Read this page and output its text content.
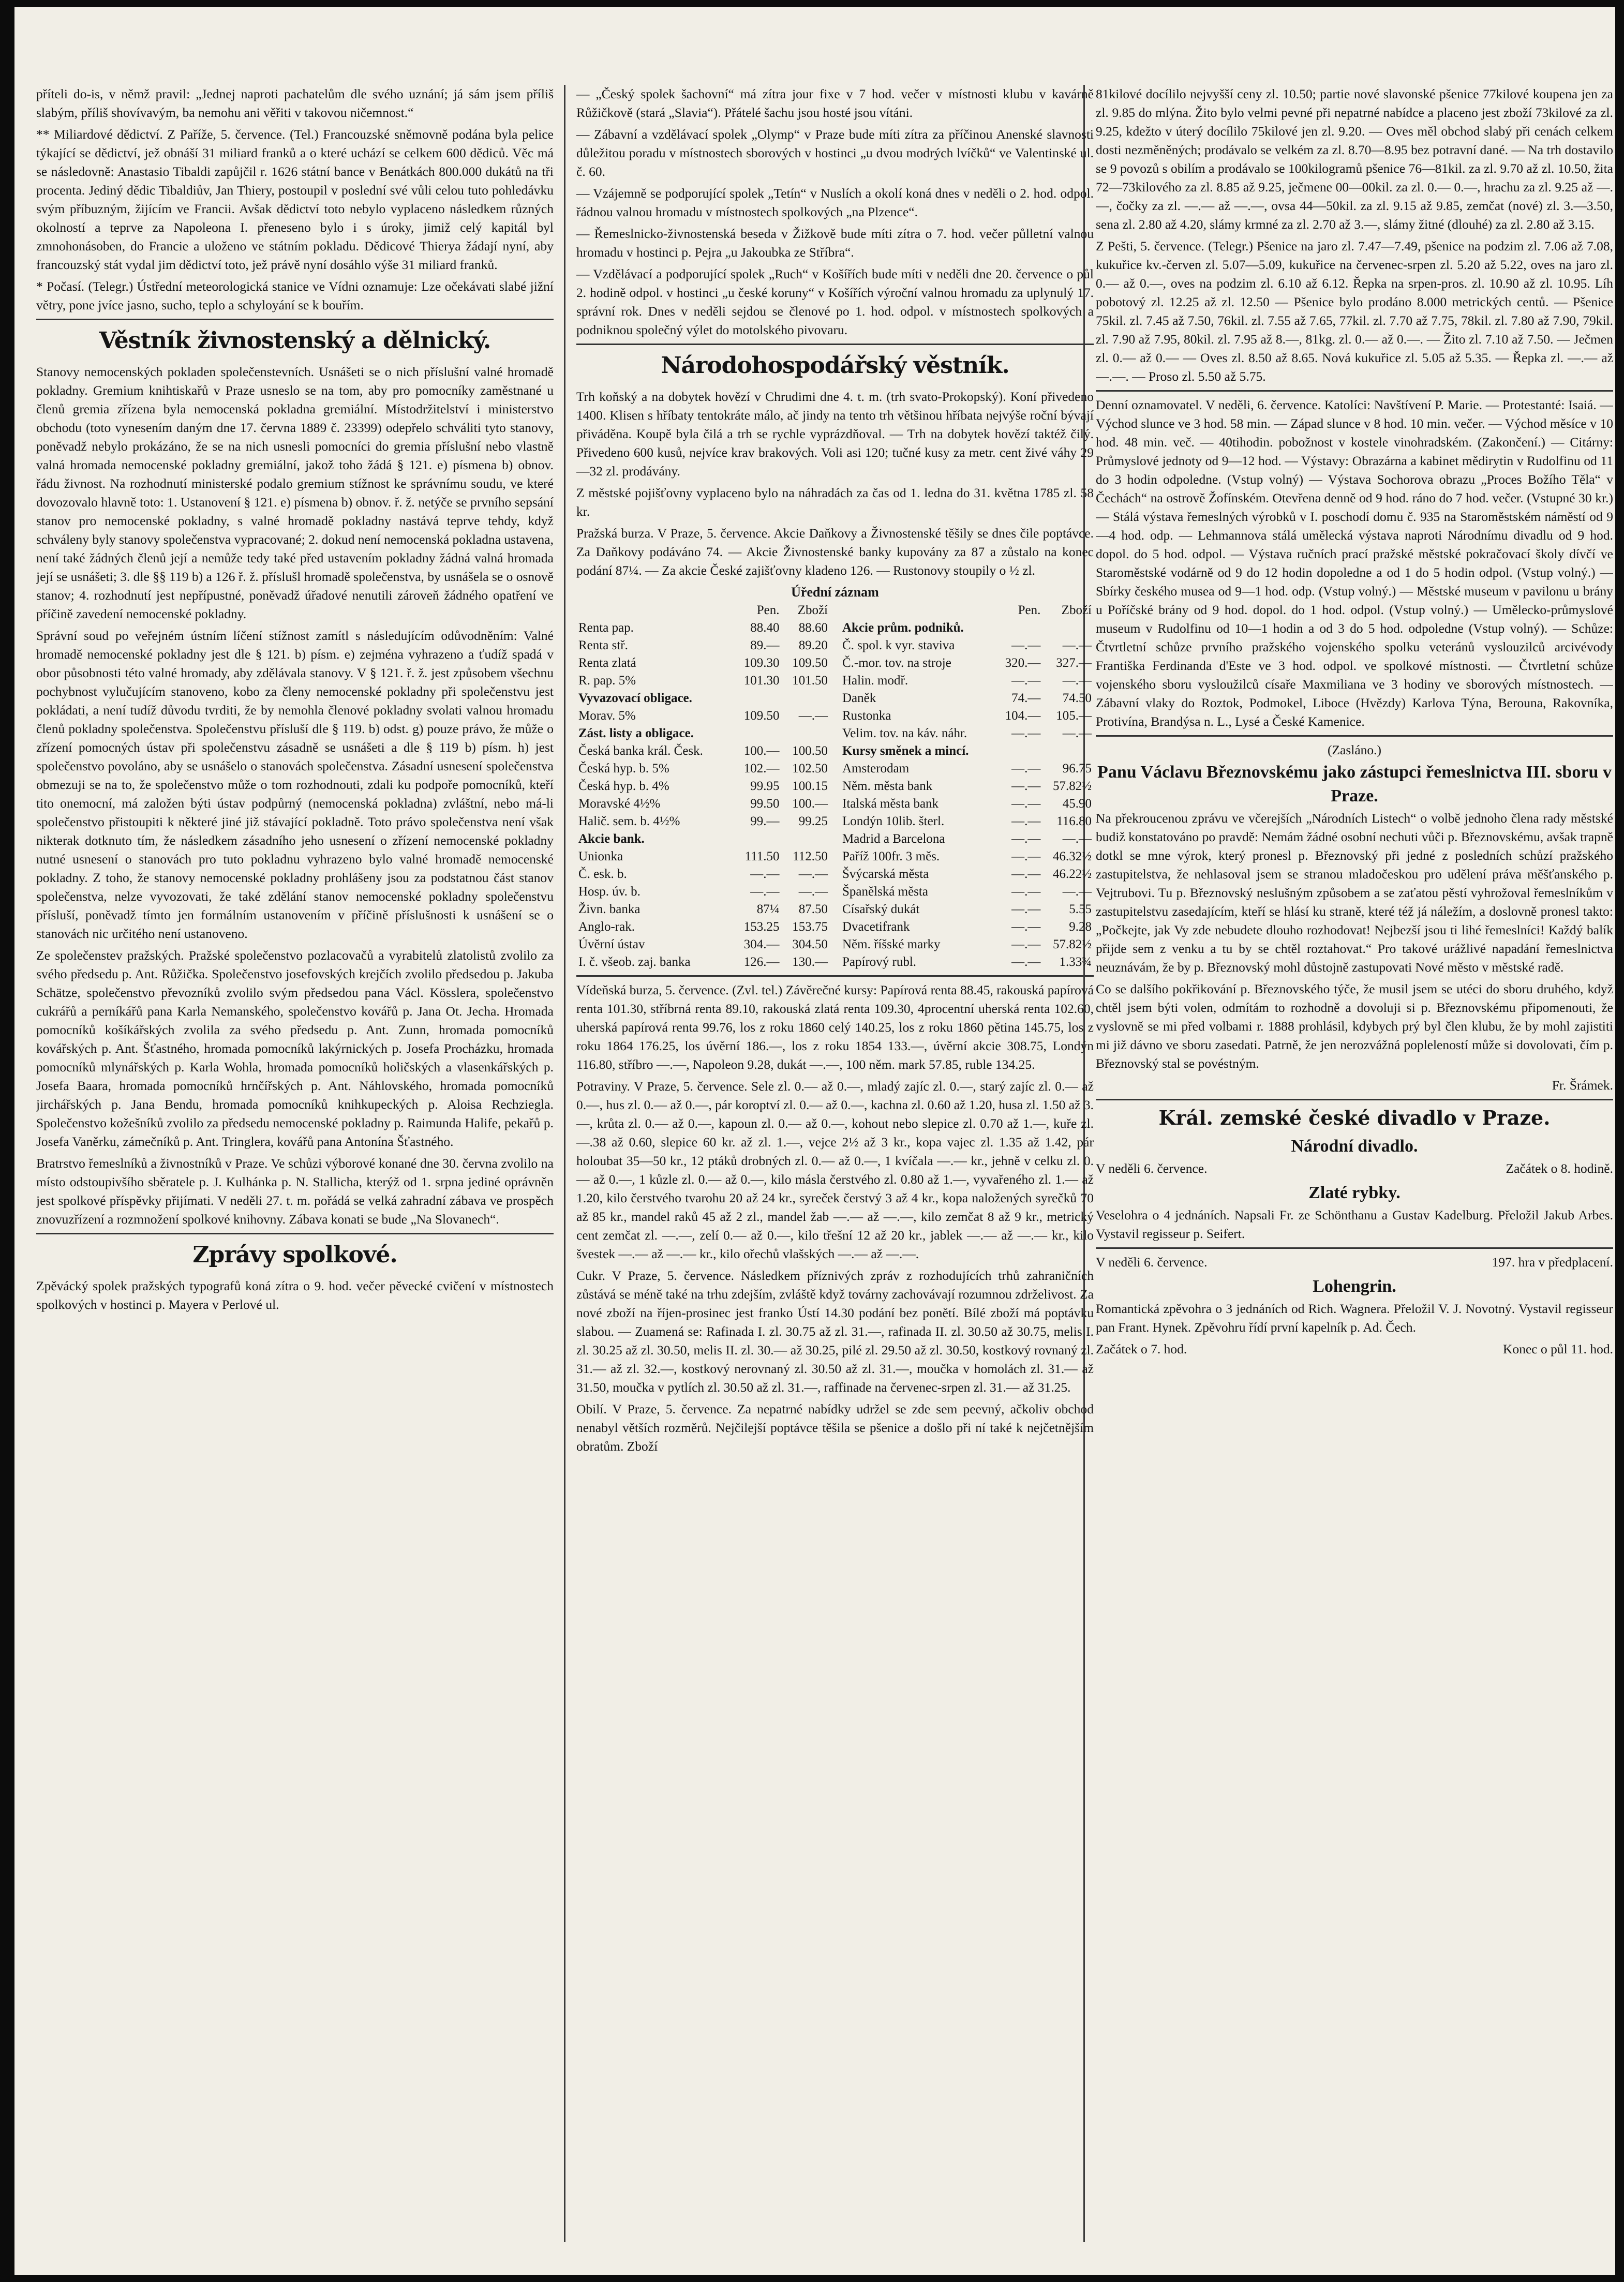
příteli do-is, v němž pravil: „Jednej naproti pachatelům dle svého uznání; já sám jsem příliš slabým, příliš shovívavým, ba nemohu ani věřiti v takovou ničemnost.“

** Miliardové dědictví. Z Paříže, 5. července. (Tel.) Francouzské sněmovně podána byla pelice týkající se dědictví, jež obnáší 31 miliard franků a o které uchází se celkem 600 dědiců. Věc má se následovně: Anastasio Tibaldi zapůjčil r. 1626 státní bance v Benátkách 800.000 dukátů na tři procenta. Jediný dědic Tibaldiův, Jan Thiery, postoupil v poslední své vůli celou tuto pohledávku svým příbuzným, žijícím ve Francii. Avšak dědictví toto nebylo vyplaceno následkem různých okolností a teprve za Napoleona I. přeneseno bylo i s úroky, jimiž celý kapitál byl zmnohonásoben, do Francie a uloženo ve státním pokladu. Dědicové Thierya žádají nyní, aby francouzský stát vydal jim dědictví toto, jež právě nyní dosáhlo výše 31 miliard franků.

* Počasí. (Telegr.) Ústřední meteorologická stanice ve Vídni oznamuje: Lze očekávati slabé jižní větry, pone jvíce jasno, sucho, teplo a schyloyání se k bouřím.

Věstník živnostenský a dělnický.

Stanovy nemocenských pokladen společenstevních. Usnášeti se o nich příslušní valné hromadě pokladny. Gremium knihtiskařů v Praze usneslo se na tom, aby pro pomocníky zaměstnané u členů gremia zřízena byla nemocenská pokladna gremiální. Místodržitelství i ministerstvo obchodu (toto vynesením daným dne 17. června 1889 č. 23399) odepřelo schváliti tyto stanovy, poněvadž nebylo prokázáno, že se na nich usnesli pomocníci do gremia příslušní nebo vlastně valná hromada nemocenské pokladny gremiální, jakož toho žádá § 121. e) písmena b) obnov. řádu živnost. Na rozhodnutí ministerské podalo gremium stížnost ke správnímu soudu, ve které dovozovalo hlavně toto: 1. Ustanovení § 121. e) písmena b) obnov. ř. ž. netýče se prvního sepsání stanov pro nemocenské pokladny, s valné hromadě pokladny nastává teprve tehdy, když schváleny byly stanovy společenstva vypracované; 2. dokud není nemocenská pokladna ustavena, není také žádných členů její a nemůže tedy také před ustavením pokladny žádná valná hromada její se usnášeti; 3. dle §§ 119 b) a 126 ř. ž. příslušl hromadě společenstva, by usnášela se o osnově stanov; 4. rozhodnutí jest nepřípustné, poněvadž úřadové nenutili zároveň žádného opatření ve příčině zavedení nemocenské pokladny.

Správní soud po veřejném ústním líčení stížnost zamítl s následujícím odůvodněním: Valné hromadě nemocenské pokladny jest dle § 121. b) písm. e) zejména vyhrazeno a ťudíž spadá v obor působnosti této valné hromady, aby zdělávala stanovy. V § 121. ř. ž. jest způsobem všechnu pochybnost vylučujícím stanoveno, kobo za členy nemocenské pokladny při společenstvu jest pokládati, a není tudíž důvodu tvrditi, že by nemohla členové pokladny svolati valnou hromadu členů pokladny společenstva. Společenstvu přísluší dle § 119. b) odst. g) pouze právo, že může o zřízení pomocných ústav při společenstvu zásadně se usnášeti a dle § 119 b) písm. h) jest společenstvo povoláno, aby se usnášelo o stanovách společenstva. Zásadní usnesení společenstva obmezuji se na to, že společenstvo může o tom rozhodnouti, zdali ku podpoře pomocníků, kteří tito onemocní, má založen býti ústav podpůrný (nemocenská pokladna) zvláštní, nebo má-li společenstvo přistoupiti k některé jiné již stávající pokladně. Toto právo společenstva není však nikterak dotknuto tím, že následkem zásadního jeho usnesení o zřízení nemocenské pokladny nutné usnesení o stanovách pro tuto pokladnu vyhrazeno bylo valné hromadě nemocenské pokladny. Z toho, že stanovy nemocenské pokladny prohlášeny jsou za podstatnou část stanov společenstva, nelze vyvozovati, že také zdělání stanov nemocenské pokladny společenstvu přísluší, poněvadž tímto jen formálním ustanovením v příčině příslušnosti k usnášení se o stanovách nic určitého není ustanoveno.

Ze společenstev pražských. Pražské společenstvo pozlacovačů a vyrabitelů zlatolistů zvolilo za svého předsedu p. Ant. Růžička. Společenstvo josefovských krejčích zvolilo předsedou p. Jakuba Schätze, společenstvo převozníků zvolilo svým předsedou pana Václ. Kösslera, společenstvo cukrářů a perníkářů pana Karla Nemanského, společenstvo kovářů p. Jana Ot. Jecha. Hromada pomocníků košíkářských zvolila za svého předsedu p. Ant. Zunn, hromada pomocníků kovářských p. Ant. Šťastného, hromada pomocníků lakýrnických p. Josefa Procházku, hromada pomocníků mlynářských p. Karla Wohla, hromada pomocníků holičských a vlasenkářských p. Josefa Baara, hromada pomocníků hrnčířských p. Ant. Náhlovského, hromada pomocníků jirchářských p. Jana Bendu, hromada pomocníků knihkupeckých p. Aloisa Rechziegla. Společenstvo kožešníků zvolilo za předsedu nemocenské pokladny p. Raimunda Halife, pekařů p. Josefa Vaněrku, zámečníků p. Ant. Tringlera, kovářů pana Antonína Šťastného.

Bratrstvo řemeslníků a živnostníků v Praze. Ve schůzi výborové konané dne 30. června zvolilo na místo odstoupivšího sběratele p. J. Kulhánka p. N. Stallicha, kterýž od 1. srpna jediné oprávněn jest spolkové příspěvky přijímati. V neděli 27. t. m. pořádá se velká zahradní zábava ve prospěch znovuzřízení a rozmnožení spolkové knihovny. Zábava konati se bude „Na Slovanech“.

Zprávy spolkové.

Zpěvácký spolek pražských typografů koná zítra o 9. hod. večer pěvecké cvičení v místnostech spolkových v hostinci p. Mayera v Perlové ul.

— „Český spolek šachovní“ má zítra jour fixe v 7 hod. večer v místnosti klubu v kavárně Růžičkově (stará „Slavia“). Přátelé šachu jsou hosté jsou vítáni.

— Zábavní a vzdělávací spolek „Olymp“ v Praze bude míti zítra za příčinou Anenské slavnosti důležitou poradu v místnostech sborových v hostinci „u dvou modrých lvíčků“ ve Valentinské ul. č. 60.

— Vzájemně se podporující spolek „Tetín“ v Nuslích a okolí koná dnes v neděli o 2. hod. odpol. řádnou valnou hromadu v místnostech spolkových „na Plzence“.

— Řemeslnicko-živnostenská beseda v Žižkově bude míti zítra o 7. hod. večer půlletní valnou hromadu v hostinci p. Pejra „u Jakoubka ze Stříbra“.

— Vzdělávací a podporující spolek „Ruch“ v Košířích bude míti v neděli dne 20. července o půl 2. hodině odpol. v hostinci „u české koruny“ v Košířích výroční valnou hromadu za uplynulý 17. správní rok. Dnes v neděli sejdou se členové po 1. hod. odpol. v místnostech spolkových a podniknou společný výlet do motolského pivovaru.

Národohospodářský věstník.

Trh koňský a na dobytek hovězí v Chrudimi dne 4. t. m. (trh svato-Prokopský). Koní přivedeno 1400. Klisen s hříbaty tentokráte málo, ač jindy na tento trh většinou hříbata nejvýše roční bývají přiváděna. Koupě byla čilá a trh se rychle vyprázdňoval. — Trh na dobytek hovězí taktéž čilý. Přivedeno 600 kusů, nejvíce krav brakových. Voli asi 120; tučné kusy za metr. cent živé váhy 29—32 zl. prodávány.

Z městské pojišťovny vyplaceno bylo na náhradách za čas od 1. ledna do 31. května 1785 zl. 58 kr.

Pražská burza. V Praze, 5. července. Akcie Daňkovy a Živnostenské těšily se dnes čile poptávce. Za Daňkovy podáváno 74. — Akcie Živnostenské banky kupovány za 87 a zůstalo na konec podání 87¼. — Za akcie České zajišťovny kladeno 126. — Rustonovy stoupily o ½ zl.

Úřední záznam

	Pen.	Zboží
Renta pap.	88.40	88.60
Renta stř.	89.—	89.20
Renta zlatá	109.30	109.50
R. pap. 5%	101.30	101.50
Vyvazovací obligace.		
Morav. 5%	109.50	—.—
Zást. listy a obligace.		
Česká banka král. Česk.	100.—	100.50
Česká hyp. b. 5%	102.—	102.50
Česká hyp. b. 4%	99.95	100.15
Moravské 4½%	99.50	100.—
Halič. sem. b. 4½%	99.—	99.25
Akcie bank.		
Unionka	111.50	112.50
Č. esk. b.	—.—	—.—
Hosp. úv. b.	—.—	—.—
Živn. banka	87¼	87.50
Anglo-rak.	153.25	153.75
Úvěrní ústav	304.—	304.50
I. č. všeob. zaj. banka	126.—	130.—
	Pen.	Zboží
Akcie prům. podniků.		
Č. spol. k vyr. staviva	—.—	—.—
Č.-mor. tov. na stroje	320.—	327.—
Halin. modř.	—.—	—.—
Daněk	74.—	74.50
Rustonka	104.—	105.—
Velim. tov. na káv. náhr.	—.—	—.—
Kursy směnek a mincí.		
Amsterodam	—.—	96.75
Něm. města bank	—.—	57.82½
Italská města bank	—.—	45.90
Londýn 10lib. šterl.	—.—	116.80
Madrid a Barcelona	—.—	—.—
Paříž 100fr. 3 měs.	—.—	46.32½
Švýcarská města	—.—	46.22½
Španělská města	—.—	—.—
Císařský dukát	—.—	5.55
Dvacetifrank	—.—	9.28
Něm. říšské marky	—.—	57.82½
Papírový rubl.	—.—	1.33¾

Vídeňská burza, 5. července. (Zvl. tel.) Závěrečné kursy: Papírová renta 88.45, rakouská papírová renta 101.30, stříbrná renta 89.10, rakouská zlatá renta 109.30, 4procentní uherská renta 102.60, uherská papírová renta 99.76, los z roku 1860 celý 140.25, los z roku 1860 pětina 145.75, los z roku 1864 176.25, los úvěrní 186.—, los z roku 1854 133.—, úvěrní akcie 308.75, Londýn 116.80, stříbro —.—, Napoleon 9.28, dukát —.—, 100 něm. mark 57.85, ruble 134.25.

Potraviny. V Praze, 5. července. Sele zl. 0.— až 0.—, mladý zajíc zl. 0.—, starý zajíc zl. 0.— až 0.—, hus zl. 0.— až 0.—, pár koroptví zl. 0.— až 0.—, kachna zl. 0.60 až 1.20, husa zl. 1.50 až 3.—, krůta zl. 0.— až 0.—, kapoun zl. 0.— až 0.—, kohout nebo slepice zl. 0.70 až 1.—, kuře zl. —.38 až 0.60, slepice 60 kr. až zl. 1.—, vejce 2½ až 3 kr., kopa vajec zl. 1.35 až 1.42, pár holoubat 35—50 kr., 12 ptáků drobných zl. 0.— až 0.—, 1 kvíčala —.— kr., jehně v celku zl. 0.— až 0.—, 1 kůzle zl. 0.— až 0.—, kilo másla čerstvého zl. 0.80 až 1.—, vyvařeného zl. 1.— až 1.20, kilo čerstvého tvarohu 20 až 24 kr., syreček čerstvý 3 až 4 kr., kopa naložených syrečků 70 až 85 kr., mandel raků 45 až 2 zl., mandel žab —.— až —.—, kilo zemčat 8 až 9 kr., metrický cent zemčat zl. —.—, zelí 0.— až 0.—, kilo třešní 12 až 20 kr., jablek —.— až —.— kr., kilo švestek —.— až —.— kr., kilo ořechů vlašských —.— až —.—.

Cukr. V Praze, 5. července. Následkem příznivých zpráv z rozhodujících trhů zahraničních zůstává se méně také na trhu zdejším, zvláště když továrny zachovávají rozumnou zdrželivost. Za nové zboží na říjen-prosinec jest franko Ústí 14.30 podání bez ponětí. Bílé zboží má poptávku slabou. — Zuamená se: Rafinada I. zl. 30.75 až zl. 31.—, rafinada II. zl. 30.50 až 30.75, melis I. zl. 30.25 až zl. 30.50, melis II. zl. 30.— až 30.25, pilé zl. 29.50 až zl. 30.50, kostkový rovnaný zl. 31.— až zl. 32.—, kostkový nerovnaný zl. 30.50 až zl. 31.—, moučka v homolách zl. 31.— až 31.50, moučka v pytlích zl. 30.50 až zl. 31.—, raffinade na červenec-srpen zl. 31.— až 31.25.

Obilí. V Praze, 5. července. Za nepatrné nabídky udržel se zde sem peevný, ačkoliv obchod nenabyl větších rozměrů. Nejčilejší poptávce těšila se pšenice a došlo při ní také k nejčetnějším obratům. Zboží

81kilové docílilo nejvyšší ceny zl. 10.50; partie nové slavonské pšenice 77kilové koupena jen za zl. 9.85 do mlýna. Žito bylo velmi pevné při nepatrné nabídce a placeno jest zboží 73kilové za zl. 9.25, kdežto v úterý docílilo 75kilové jen zl. 9.20. — Oves měl obchod slabý při cenách celkem dosti nezměněných; prodávalo se velkém za zl. 8.70—8.95 bez potravní dané. — Na trh dostavilo se 9 povozů s obilím a prodávalo se 100kilogramů pšenice 76—81kil. za zl. 9.70 až zl. 10.50, žita 72—73kilového za zl. 8.85 až 9.25, ječmene 00—00kil. za zl. 0.— 0.—, hrachu za zl. 9.25 až —.—, čočky za zl. —.— až —.—, ovsa 44—50kil. za zl. 9.15 až 9.85, zemčat (nové) zl. 3.—3.50, sena zl. 2.80 až 4.20, slámy krmné za zl. 2.70 až 3.—, slámy žitné (dlouhé) za zl. 2.80 až 3.15.

Z Pešti, 5. července. (Telegr.) Pšenice na jaro zl. 7.47—7.49, pšenice na podzim zl. 7.06 až 7.08, kukuřice kv.-červen zl. 5.07—5.09, kukuřice na červenec-srpen zl. 5.20 až 5.22, oves na jaro zl. 0.— až 0.—, oves na podzim zl. 6.10 až 6.12. Řepka na srpen-pros. zl. 10.90 až zl. 10.95. Líh pobotový zl. 12.25 až zl. 12.50 — Pšenice bylo prodáno 8.000 metrických centů. — Pšenice 75kil. zl. 7.45 až 7.50, 76kil. zl. 7.55 až 7.65, 77kil. zl. 7.70 až 7.75, 78kil. zl. 7.80 až 7.90, 79kil. zl. 7.90 až 7.95, 80kil. zl. 7.95 až 8.—, 81kg. zl. 0.— až 0.—. — Žito zl. 7.10 až 7.50. — Ječmen zl. 0.— až 0.— — Oves zl. 8.50 až 8.65. Nová kukuřice zl. 5.05 až 5.35. — Řepka zl. —.— až —.—. — Proso zl. 5.50 až 5.75.

Denní oznamovatel. V neděli, 6. července. Katolíci: Navštívení P. Marie. — Protestanté: Isaiá. — Východ slunce ve 3 hod. 58 min. — Západ slunce v 8 hod. 10 min. večer. — Východ měsíce v 10 hod. 48 min. več. — 40tihodin. pobožnost v kostele vinohradském. (Zakončení.) — Citárny: Průmyslové jednoty od 9—12 hod. — Výstavy: Obrazárna a kabinet mědirytin v Rudolfinu od 11 do 3 hodin odpoledne. (Vstup volný) — Výstava Sochorova obrazu „Proces Božího Těla“ v Čechách“ na ostrově Žofínském. Otevřena denně od 9 hod. ráno do 7 hod. večer. (Vstupné 30 kr.) — Stálá výstava řemeslných výrobků v I. poschodí domu č. 935 na Staroměstském náměstí od 9—4 hod. odp. — Lehmannova stálá umělecká výstava naproti Národnímu divadlu od 9 hod. dopol. do 5 hod. odpol. — Výstava ručních prací pražské městské pokračovací školy dívčí ve Staroměstské vodárně od 9 do 12 hodin dopoledne a od 1 do 5 hodin odpol. (Vstup volný.) — Sbírky českého musea od 9—1 hod. odp. (Vstup volný.) — Městské museum v pavilonu u brány u Poříčské brány od 9 hod. dopol. do 1 hod. odpol. (Vstup volný.) — Umělecko-průmyslové museum v Rudolfinu od 10—1 hodin a od 3 do 5 hod. odpoledne (Vstup volný). — Schůze: Čtvrtletní schůze prvního pražského vojenského spolku veteránů vyslouzilců arcivévody Františka Ferdinanda d'Este ve 3 hod. odpol. ve spolkové místnosti. — Čtvrtletní schůze vojenského sboru vysloužilců císaře Maxmiliana ve 3 hodiny ve sborových místnostech. — Zábavní vlaky do Roztok, Podmokel, Liboce (Hvězdy) Karlova Týna, Berouna, Rakovníka, Protivína, Brandýsa n. L., Lysé a České Kamenice.

(Zasláno.)

Panu Václavu Březnovskému jako zástupci řemeslnictva III. sboru v Praze.

Na překroucenou zprávu ve včerejších „Národních Listech“ o volbě jednoho člena rady městské budiž konstatováno po pravdě: Nemám žádné osobní nechuti vůči p. Březnovskému, avšak trapně dotkl se mne výrok, který pronesl p. Březnovský při jedné z posledních schůzí pražského zastupitelstva, že nehlasoval jsem se stranou mladočeskou pro udělení práva měšťanského p. Vejtrubovi. Tu p. Březnovský neslušným způsobem a se zaťatou pěstí vyhrožoval řemeslníkům v zastupitelstvu zasedajícím, kteří se hlásí ku straně, které též já náležím, a doslovně pronesl takto: „Počkejte, jak Vy zde nebudete dlouho rozhodovat! Nejbezší jsou ti lihé řemeslníci! Každý balík přijde sem z venku a tu by se chtěl roztahovat.“ Pro takové urážlivé napadání řemeslnictva neuznávám, že by p. Březnovský mohl důstojně zastupovati Nové město v městské radě.

Co se dalšího pokřikování p. Březnovského týče, že musil jsem se utéci do sboru druhého, když chtěl jsem býti volen, odmítám to rozhodně a dovoluji si p. Březnovskému připomenouti, že vyslovně se mi před volbami r. 1888 prohlásil, kdybych prý byl člen klubu, že by mohl zajistiti mi již dávno ve sboru zasedati. Patrně, že jen nerozvážná popleleností může si dovolovati, čím p. Březnovský stal se povéstným.

Fr. Šrámek.

Král. zemské české divadlo v Praze.

Národní divadlo.

V neděli 6. července.	Začátek o 8. hodině.

Zlaté rybky.

Veselohra o 4 jednáních. Napsali Fr. ze Schönthanu a Gustav Kadelburg. Přeložil Jakub Arbes. Vystavil regisseur p. Seifert.

V neděli 6. července.	197. hra v předplacení.

Lohengrin.

Romantická zpěvohra o 3 jednáních od Rich. Wagnera. Přeložil V. J. Novotný. Vystavil regisseur pan Frant. Hynek. Zpěvohru řídí první kapelník p. Ad. Čech.

Začátek o 7. hod.	Konec o půl 11. hod.
